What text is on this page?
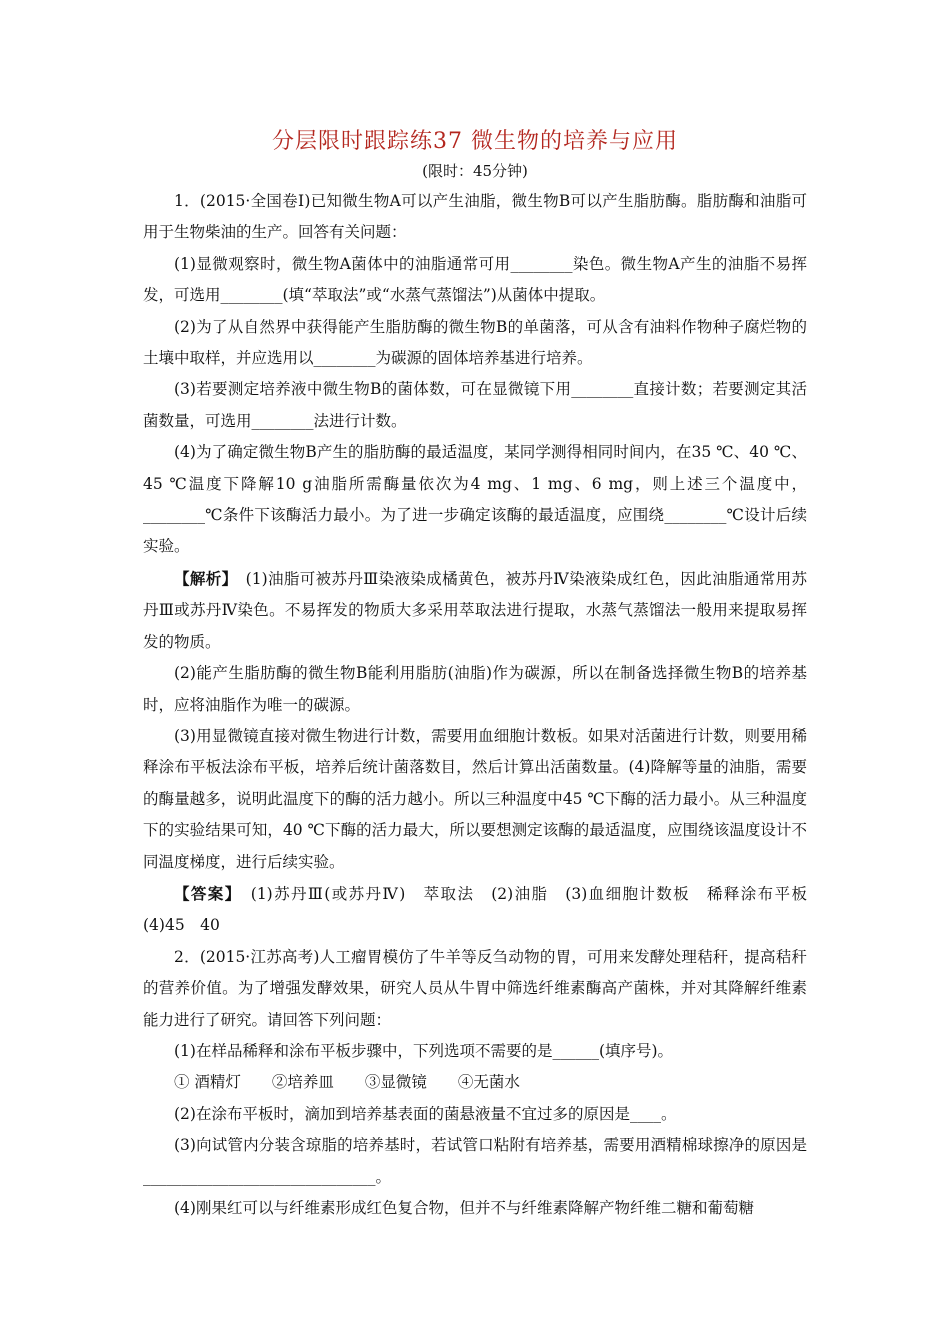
分层限时跟踪练37 微生物的培养与应用
(限时：45分钟)

1．(2015·全国卷Ⅰ)已知微生物A可以产生油脂，微生物B可以产生脂肪酶。脂肪酶和油脂可用于生物柴油的生产。回答有关问题：

(1)显微观察时，微生物A菌体中的油脂通常可用________染色。微生物A产生的油脂不易挥发，可选用________(填“萃取法”或“水蒸气蒸馏法”)从菌体中提取。

(2)为了从自然界中获得能产生脂肪酶的微生物B的单菌落，可从含有油料作物种子腐烂物的土壤中取样，并应选用以________为碳源的固体培养基进行培养。

(3)若要测定培养液中微生物B的菌体数，可在显微镜下用________直接计数；若要测定其活菌数量，可选用________法进行计数。

(4)为了确定微生物B产生的脂肪酶的最适温度，某同学测得相同时间内，在35 ℃、40 ℃、45 ℃温度下降解10 g油脂所需酶量依次为4 mg、1 mg、6 mg，则上述三个温度中，________℃条件下该酶活力最小。为了进一步确定该酶的最适温度，应围绕________℃设计后续实验。

【解析】　 (1)油脂可被苏丹Ⅲ染液染成橘黄色，被苏丹Ⅳ染液染成红色，因此油脂通常用苏丹Ⅲ或苏丹Ⅳ染色。不易挥发的物质大多采用萃取法进行提取，水蒸气蒸馏法一般用来提取易挥发的物质。

(2)能产生脂肪酶的微生物B能利用脂肪(油脂)作为碳源，所以在制备选择微生物B的培养基时，应将油脂作为唯一的碳源。

(3)用显微镜直接对微生物进行计数，需要用血细胞计数板。如果对活菌进行计数，则要用稀释涂布平板法涂布平板，培养后统计菌落数目，然后计算出活菌数量。(4)降解等量的油脂，需要的酶量越多，说明此温度下的酶的活力越小。所以三种温度中45 ℃下酶的活力最小。从三种温度下的实验结果可知，40 ℃下酶的活力最大，所以要想测定该酶的最适温度，应围绕该温度设计不同温度梯度，进行后续实验。

【答案】　 (1)苏丹Ⅲ(或苏丹Ⅳ)　萃取法　(2)油脂　(3)血细胞计数板　稀释涂布平板　(4)45　40

2．(2015·江苏高考)人工瘤胃模仿了牛羊等反刍动物的胃，可用来发酵处理秸秆，提高秸秆的营养价值。为了增强发酵效果，研究人员从牛胃中筛选纤维素酶高产菌株，并对其降解纤维素能力进行了研究。请回答下列问题：

(1)在样品稀释和涂布平板步骤中，下列选项不需要的是______(填序号)。

① 酒精灯　　②培养皿　　③显微镜　　④无菌水

(2)在涂布平板时，滴加到培养基表面的菌悬液量不宜过多的原因是____。

(3)向试管内分装含琼脂的培养基时，若试管口粘附有培养基，需要用酒精棉球擦净的原因是______________________________。

(4)刚果红可以与纤维素形成红色复合物，但并不与纤维素降解产物纤维二糖和葡萄糖
